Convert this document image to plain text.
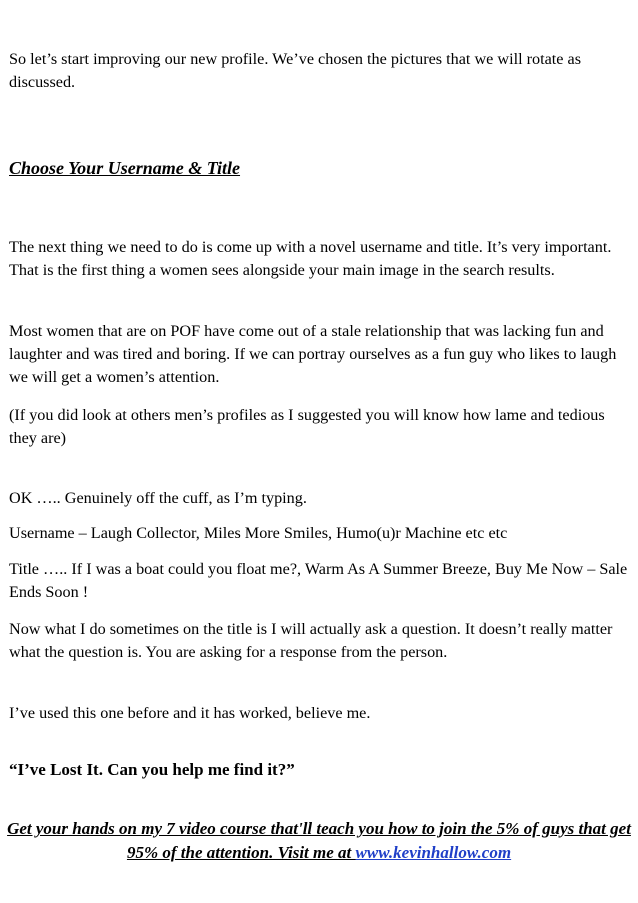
So let’s start improving our new profile. We’ve chosen the pictures that we will rotate as discussed.

Choose Your Username & Title

The next thing we need to do is come up with a novel username and title. It’s very important. That is the first thing a women sees alongside your main image in the search results.

Most women that are on POF have come out of a stale relationship that was lacking fun and laughter and was tired and boring. If we can portray ourselves as a fun guy who likes to laugh we will get a women’s attention.

(If you did look at others men’s profiles as I suggested you will know how lame and tedious they are)

OK ….. Genuinely off the cuff, as I’m typing.

Username – Laugh Collector, Miles More Smiles, Humo(u)r Machine etc etc

Title ….. If I was a boat could you float me?, Warm As A Summer Breeze, Buy Me Now – Sale Ends Soon !

Now what I do sometimes on the title is I will actually ask a question. It doesn’t really matter what the question is. You are asking for a response from the person.

I’ve used this one before and it has worked, believe me.

“I’ve Lost It. Can you help me find it?”

Get your hands on my 7 video course that'll teach you how to join the 5% of guys that get 95% of the attention. Visit me at www.kevinhallow.com
